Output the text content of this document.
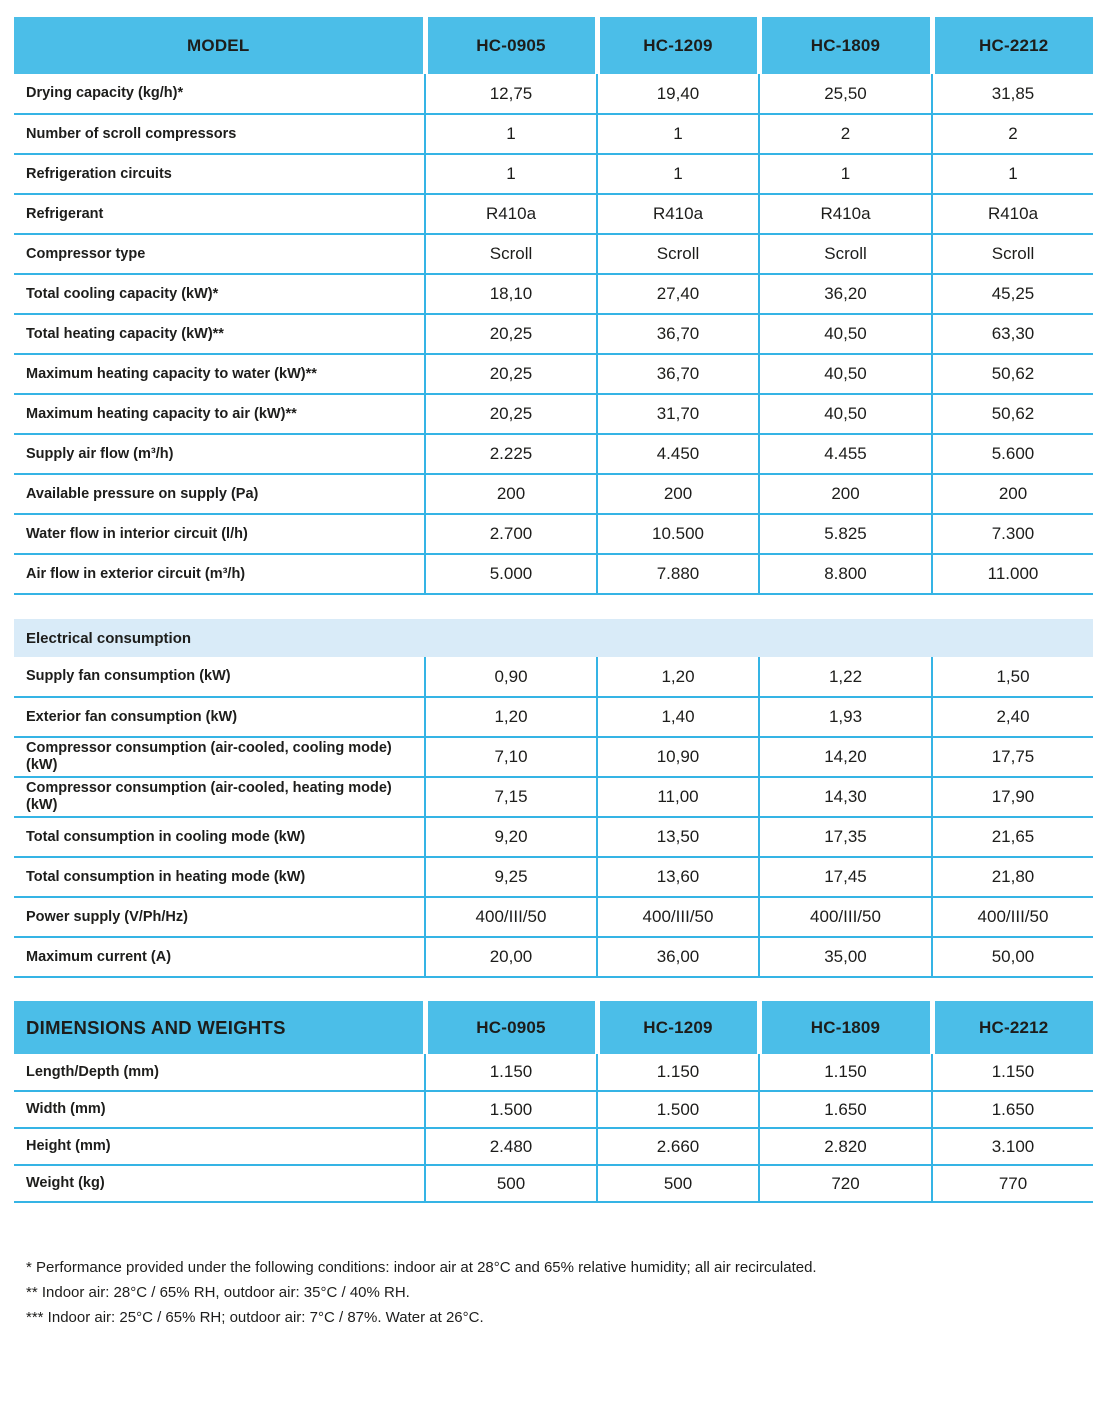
MODEL	HC-0905	HC-1209	HC-1809	HC-2212
Drying capacity (kg/h)*	12,75	19,40	25,50	31,85
Number of scroll compressors	1	1	2	2
Refrigeration circuits	1	1	1	1
Refrigerant	R410a	R410a	R410a	R410a
Compressor type	Scroll	Scroll	Scroll	Scroll
Total cooling capacity (kW)*	18,10	27,40	36,20	45,25
Total heating capacity (kW)**	20,25	36,70	40,50	63,30
Maximum heating capacity to water (kW)**	20,25	36,70	40,50	50,62
Maximum heating capacity to air (kW)**	20,25	31,70	40,50	50,62
Supply air flow (m³/h)	2.225	4.450	4.455	5.600
Available pressure on supply (Pa)	200	200	200	200
Water flow in interior circuit (l/h)	2.700	10.500	5.825	7.300
Air flow in exterior circuit (m³/h)	5.000	7.880	8.800	11.000
Electrical consumption
Supply fan consumption (kW)	0,90	1,20	1,22	1,50
Exterior fan consumption (kW)	1,20	1,40	1,93	2,40
Compressor consumption (air-cooled, cooling mode) (kW)	7,10	10,90	14,20	17,75
Compressor consumption (air-cooled, heating mode) (kW)	7,15	11,00	14,30	17,90
Total consumption in cooling mode (kW)	9,20	13,50	17,35	21,65
Total consumption in heating mode (kW)	9,25	13,60	17,45	21,80
Power supply (V/Ph/Hz)	400/III/50	400/III/50	400/III/50	400/III/50
Maximum current (A)	20,00	36,00	35,00	50,00
DIMENSIONS AND WEIGHTS	HC-0905	HC-1209	HC-1809	HC-2212
Length/Depth (mm)	1.150	1.150	1.150	1.150
Width (mm)	1.500	1.500	1.650	1.650
Height (mm)	2.480	2.660	2.820	3.100
Weight (kg)	500	500	720	770

* Performance provided under the following conditions: indoor air at 28°C and 65% relative humidity; all air recirculated.

** Indoor air: 28°C / 65% RH, outdoor air: 35°C / 40% RH.

*** Indoor air: 25°C / 65% RH; outdoor air: 7°C / 87%. Water at 26°C.
